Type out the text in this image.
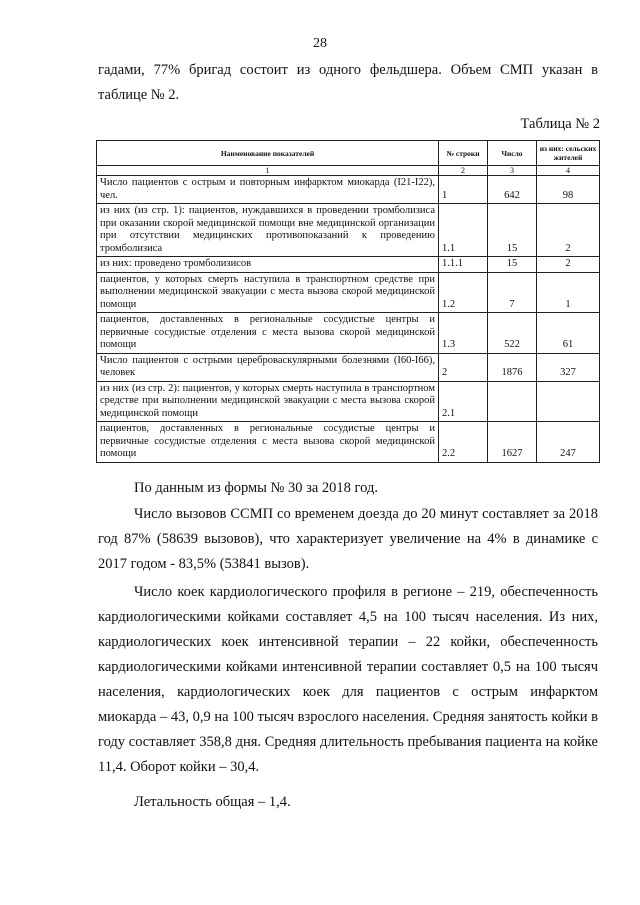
28
гадами, 77% бригад состоит из одного фельдшера. Объем СМП указан в таблице № 2.
Таблица № 2
Наименование показателей	№ строки	Число	из них: сельских жителей
1	2	3	4
Число пациентов с острым и повторным инфарктом миокарда (I21-I22), чел.	1	642	98
из них (из стр. 1): пациентов, нуждавшихся в проведении тромболизиса при оказании скорой медицинской помощи вне медицинской организации при отсутствии медицинских противопоказаний к проведению тромболизиса	1.1	15	2
из них: проведено тромболизисов	1.1.1	15	2
пациентов, у которых смерть наступила в транспортном средстве при выполнении медицинской эвакуации с места вызова скорой медицинской помощи	1.2	7	1
пациентов, доставленных в региональные сосудистые центры и первичные сосудистые отделения с места вызова скорой медицинской помощи	1.3	522	61
Число пациентов с острыми цереброваскулярными болезнями (I60-I66), человек	2	1876	327
из них (из стр. 2): пациентов, у которых смерть наступила в транспортном средстве при выполнении медицинской эвакуации с места вызова скорой медицинской помощи	2.1		
пациентов, доставленных в региональные сосудистые центры и первичные сосудистые отделения с места вызова скорой медицинской помощи	2.2	1627	247
По данным из формы № 30 за 2018 год.
Число вызовов ССМП со временем доезда до 20 минут составляет за 2018 год 87% (58639 вызовов), что характеризует увеличение на 4% в динамике с 2017 годом - 83,5% (53841 вызов).
Число коек кардиологического профиля в регионе – 219, обеспеченность кардиологическими койками составляет 4,5 на 100 тысяч населения. Из них, кардиологических коек интенсивной терапии – 22 койки, обеспеченность кардиологическими койками интенсивной терапии составляет 0,5 на 100 тысяч населения, кардиологических коек для пациентов с острым инфарктом миокарда – 43, 0,9 на 100 тысяч взрослого населения. Средняя занятость койки в году составляет 358,8 дня. Средняя длительность пребывания пациента на койке 11,4. Оборот койки – 30,4.
Летальность общая – 1,4.
